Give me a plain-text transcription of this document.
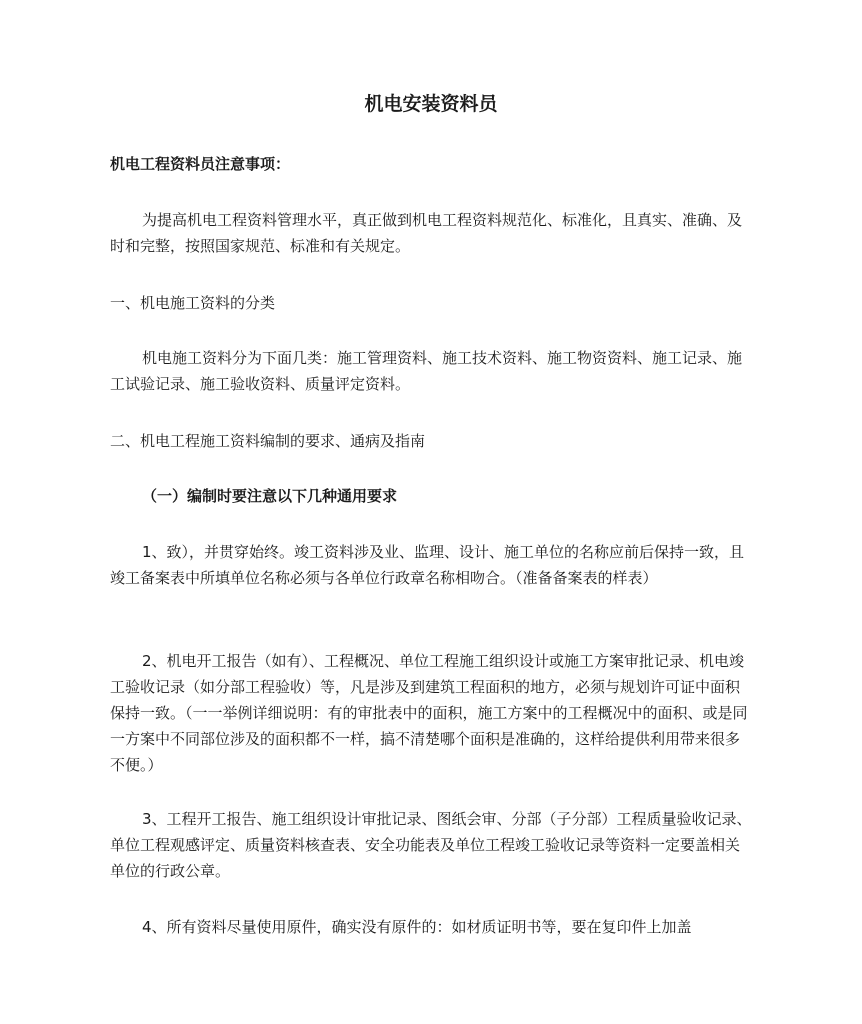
机电安装资料员

机电工程资料员注意事项：

为提高机电工程资料管理水平，真正做到机电工程资料规范化、标准化，且真实、准确、及时和完整，按照国家规范、标准和有关规定。

一、机电施工资料的分类

机电施工资料分为下面几类：施工管理资料、施工技术资料、施工物资资料、施工记录、施工试验记录、施工验收资料、质量评定资料。

二、机电工程施工资料编制的要求、通病及指南

（一）编制时要注意以下几种通用要求

1、致），并贯穿始终。竣工资料涉及业、监理、设计、施工单位的名称应前后保持一致，且竣工备案表中所填单位名称必须与各单位行政章名称相吻合。（准备备案表的样表）

2、机电开工报告（如有）、工程概况、单位工程施工组织设计或施工方案审批记录、机电竣工验收记录（如分部工程验收）等，凡是涉及到建筑工程面积的地方，必须与规划许可证中面积保持一致。（一一举例详细说明：有的审批表中的面积，施工方案中的工程概况中的面积、或是同一方案中不同部位涉及的面积都不一样，搞不清楚哪个面积是准确的，这样给提供利用带来很多不便。）

3、工程开工报告、施工组织设计审批记录、图纸会审、分部（子分部）工程质量验收记录、单位工程观感评定、质量资料核查表、安全功能表及单位工程竣工验收记录等资料一定要盖相关单位的行政公章。

4、所有资料尽量使用原件，确实没有原件的：如材质证明书等，要在复印件上加盖
